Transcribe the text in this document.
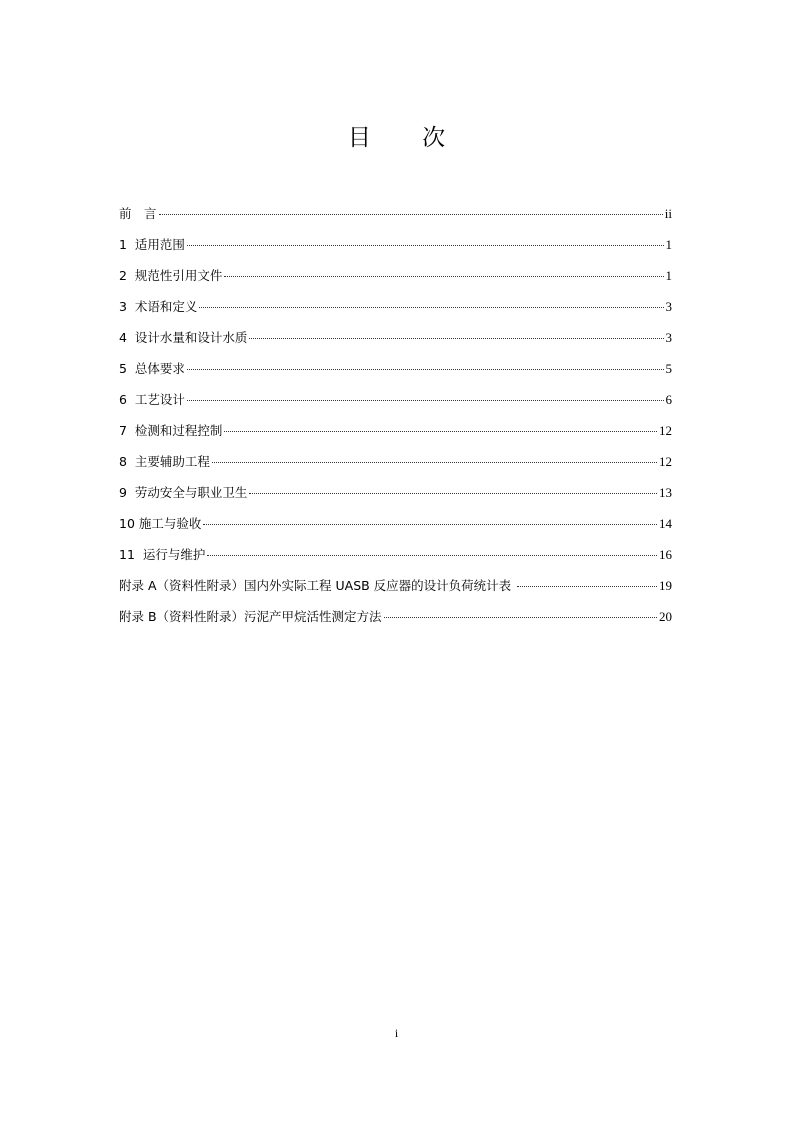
目 次
前　言	ii
1  适用范围	1
2  规范性引用文件	1
3  术语和定义	3
4  设计水量和设计水质	3
5  总体要求	5
6  工艺设计	6
7  检测和过程控制	12
8  主要辅助工程	12
9  劳动安全与职业卫生	13
10 施工与验收	14
11  运行与维护	16
附录 A（资料性附录）国内外实际工程 UASB 反应器的设计负荷统计表	19
附录 B（资料性附录）污泥产甲烷活性测定方法	20
i
